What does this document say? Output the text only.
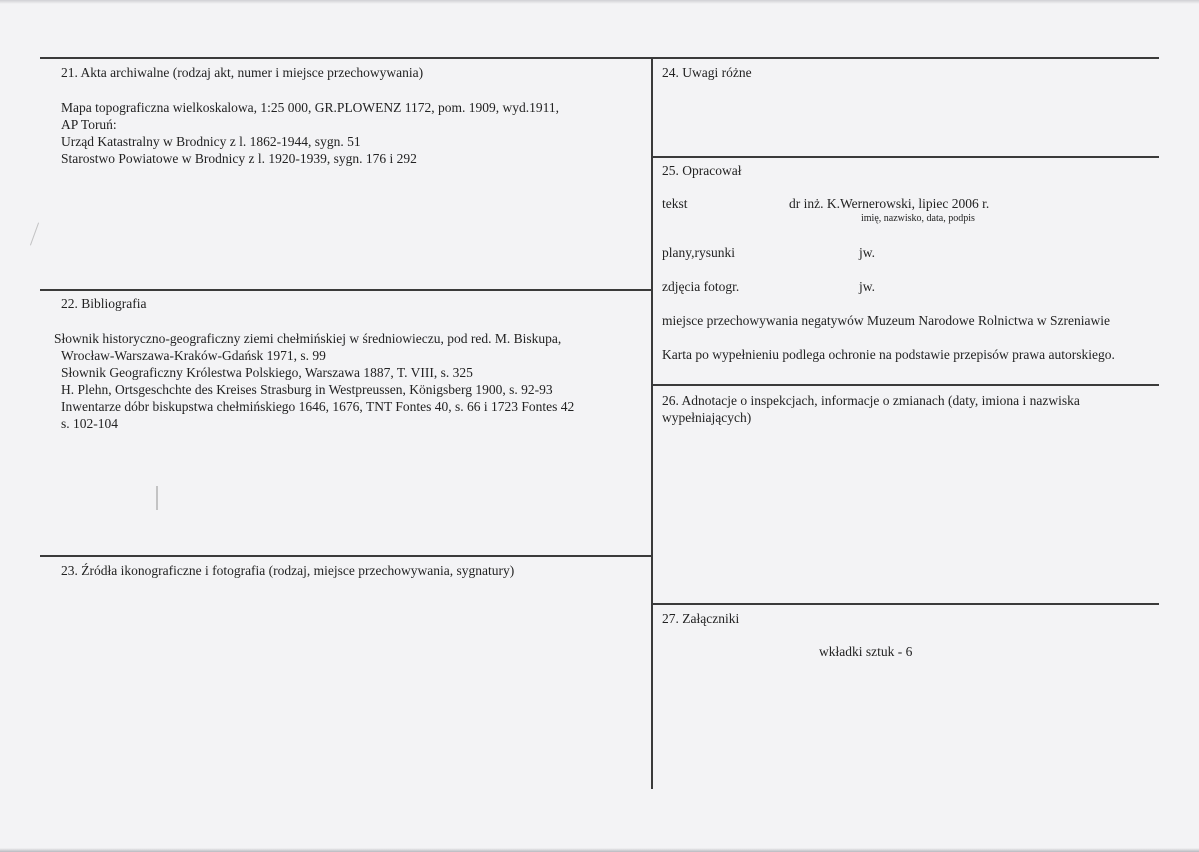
21. Akta archiwalne (rodzaj akt, numer i miejsce przechowywania)
Mapa topograficzna wielkoskalowa, 1:25 000, GR.PLOWENZ 1172, pom. 1909, wyd.1911,
AP Toruń:
Urząd Katastralny w Brodnicy z l. 1862-1944, sygn. 51
Starostwo Powiatowe w Brodnicy z l. 1920-1939, sygn. 176 i 292
22. Bibliografia
Słownik historyczno-geograficzny ziemi chełmińskiej w średniowieczu, pod red. M. Biskupa,
Wrocław-Warszawa-Kraków-Gdańsk 1971, s. 99
Słownik Geograficzny Królestwa Polskiego, Warszawa 1887, T. VIII, s. 325
H. Plehn, Ortsgeschchte des Kreises Strasburg in Westpreussen, Königsberg 1900, s. 92-93
Inwentarze dóbr biskupstwa chełmińskiego 1646, 1676, TNT Fontes 40, s. 66 i 1723 Fontes 42
s. 102-104
23. Źródła ikonograficzne i fotografia (rodzaj, miejsce przechowywania, sygnatury)
24. Uwagi różne
25. Opracował
tekst	dr inż. K.Wernerowski, lipiec 2006 r.
imię, nazwisko, data, podpis
plany,rysunki	jw.
zdjęcia fotogr.	jw.
miejsce przechowywania negatywów Muzeum Narodowe Rolnictwa w Szreniawie
Karta po wypełnieniu podlega ochronie na podstawie przepisów prawa autorskiego.
26. Adnotacje o inspekcjach, informacje o zmianach (daty, imiona i nazwiska
wypełniających)
27. Załączniki
wkładki sztuk - 6
